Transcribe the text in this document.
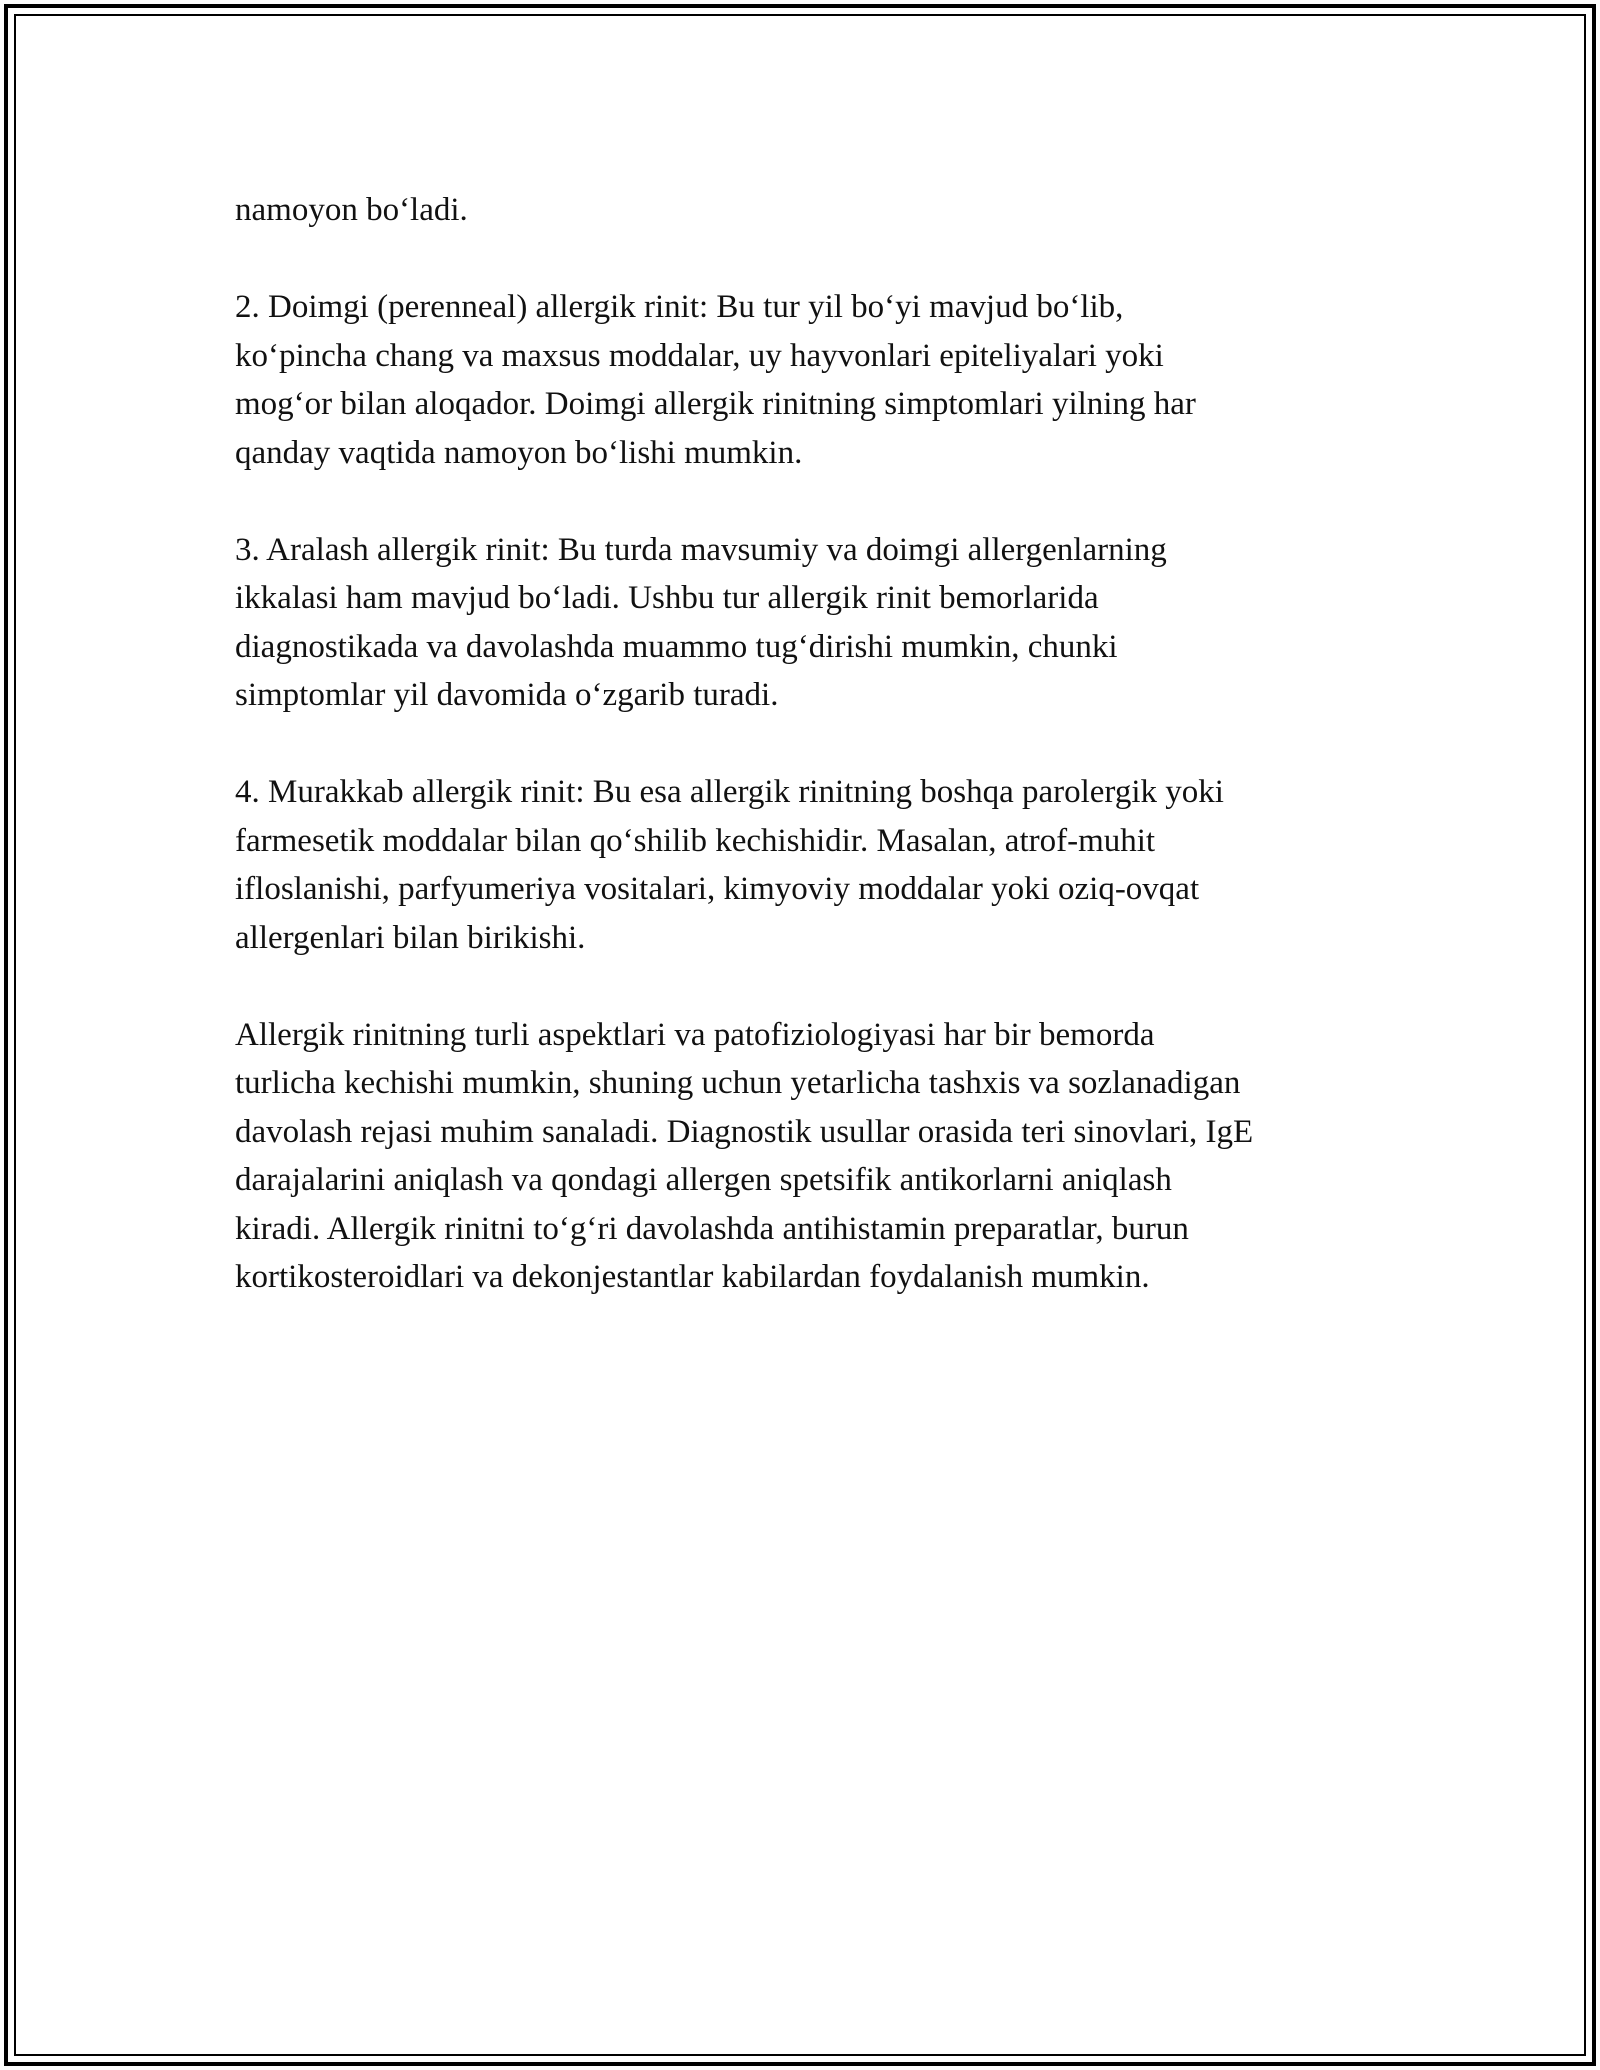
namoyon bo‘ladi.

2. Doimgi (perenneal) allergik rinit: Bu tur yil bo‘yi mavjud bo‘lib,
ko‘pincha chang va maxsus moddalar, uy hayvonlari epiteliyalari yoki
mog‘or bilan aloqador. Doimgi allergik rinitning simptomlari yilning har
qanday vaqtida namoyon bo‘lishi mumkin.

3. Aralash allergik rinit: Bu turda mavsumiy va doimgi allergenlarning
ikkalasi ham mavjud bo‘ladi. Ushbu tur allergik rinit bemorlarida
diagnostikada va davolashda muammo tug‘dirishi mumkin, chunki
simptomlar yil davomida o‘zgarib turadi.

4. Murakkab allergik rinit: Bu esa allergik rinitning boshqa parolergik yoki
farmesetik moddalar bilan qo‘shilib kechishidir. Masalan, atrof-muhit
ifloslanishi, parfyumeriya vositalari, kimyoviy moddalar yoki oziq-ovqat
allergenlari bilan birikishi.

Allergik rinitning turli aspektlari va patofiziologiyasi har bir bemorda
turlicha kechishi mumkin, shuning uchun yetarlicha tashxis va sozlanadigan
davolash rejasi muhim sanaladi. Diagnostik usullar orasida teri sinovlari, IgE
darajalarini aniqlash va qondagi allergen spetsifik antikorlarni aniqlash
kiradi. Allergik rinitni to‘g‘ri davolashda antihistamin preparatlar, burun
kortikosteroidlari va dekonjestantlar kabilardan foydalanish mumkin.
